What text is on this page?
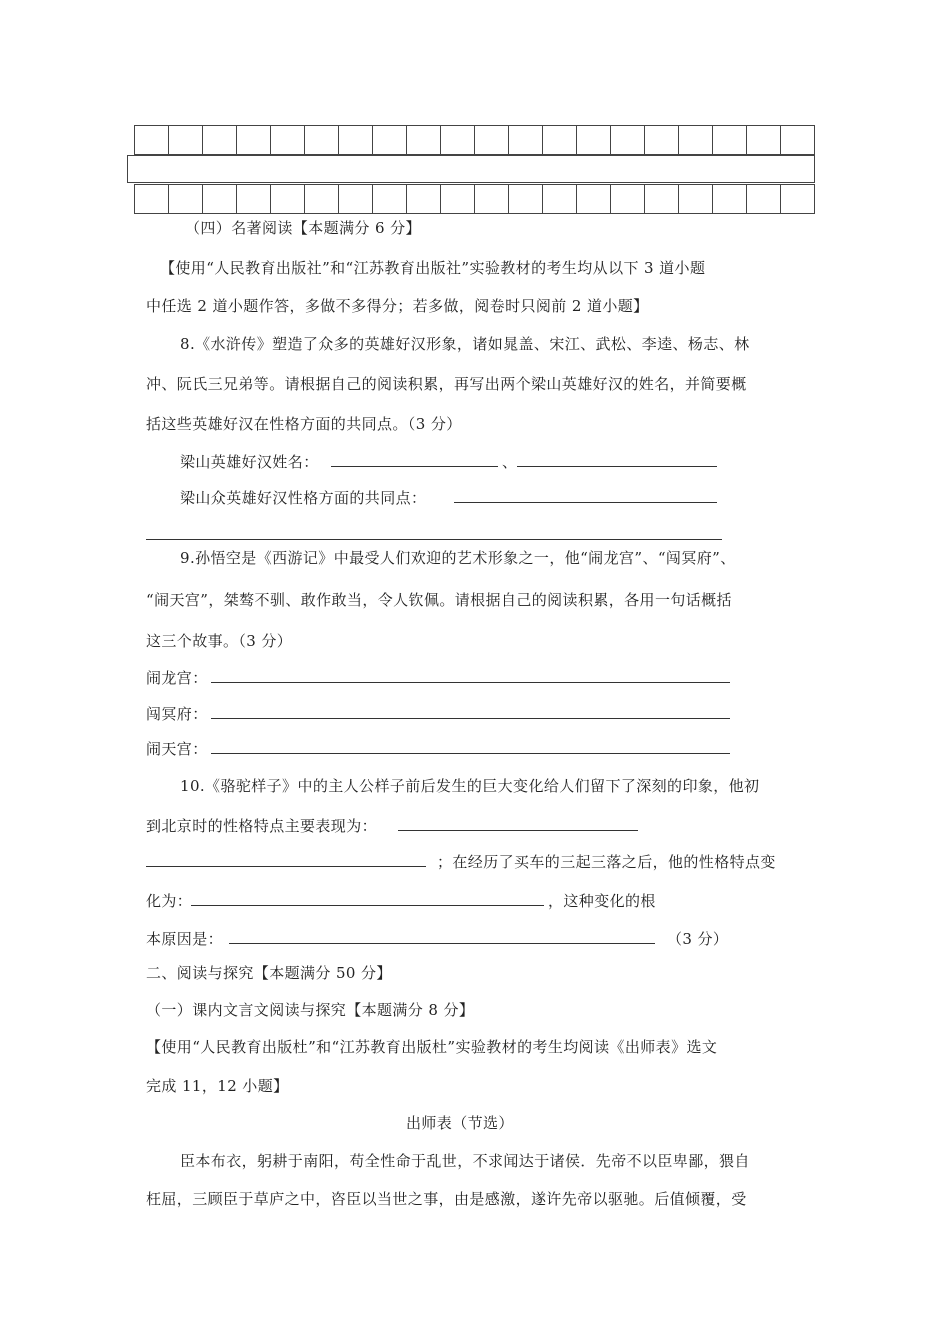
（四）名著阅读【本题满分 6 分】
【使用“人民教育出版社”和“江苏教育出版社”实验教材的考生均从以下 3 道小题
中任选 2 道小题作答，多做不多得分；若多做，阅卷时只阅前 2 道小题】
8.《水浒传》塑造了众多的英雄好汉形象，诸如晁盖、宋江、武松、李逵、杨志、林
冲、阮氏三兄弟等。请根据自己的阅读积累，再写出两个梁山英雄好汉的姓名，并简要概
括这些英雄好汉在性格方面的共同点。（3 分）
梁山英雄好汉姓名：	、
梁山众英雄好汉性格方面的共同点：
9.孙悟空是《西游记》中最受人们欢迎的艺术形象之一，他“闹龙宫”、“闯冥府”、
“闹天宫”，桀骜不驯、敢作敢当，令人钦佩。请根据自己的阅读积累，各用一句话概括
这三个故事。（3 分）
闹龙宫：
闯冥府：
闹天宫：
10.《骆驼样子》中的主人公样子前后发生的巨大变化给人们留下了深刻的印象，他初
到北京时的性格特点主要表现为：
；在经历了买车的三起三落之后，他的性格特点变
化为：	，这种变化的根
本原因是：	（3 分）
二、阅读与探究【本题满分 50 分】
（一）课内文言文阅读与探究【本题满分 8 分】
【使用“人民教育出版杜”和“江苏教育出版杜”实验教材的考生均阅读《出师表》选文
完成 11，12 小题】
出师表（节选）
臣本布衣，躬耕于南阳，苟全性命于乱世，不求闻达于诸侯．先帝不以臣卑鄙，猥自
枉屈，三顾臣于草庐之中，咨臣以当世之事，由是感激，遂许先帝以驱驰。后值倾覆，受
